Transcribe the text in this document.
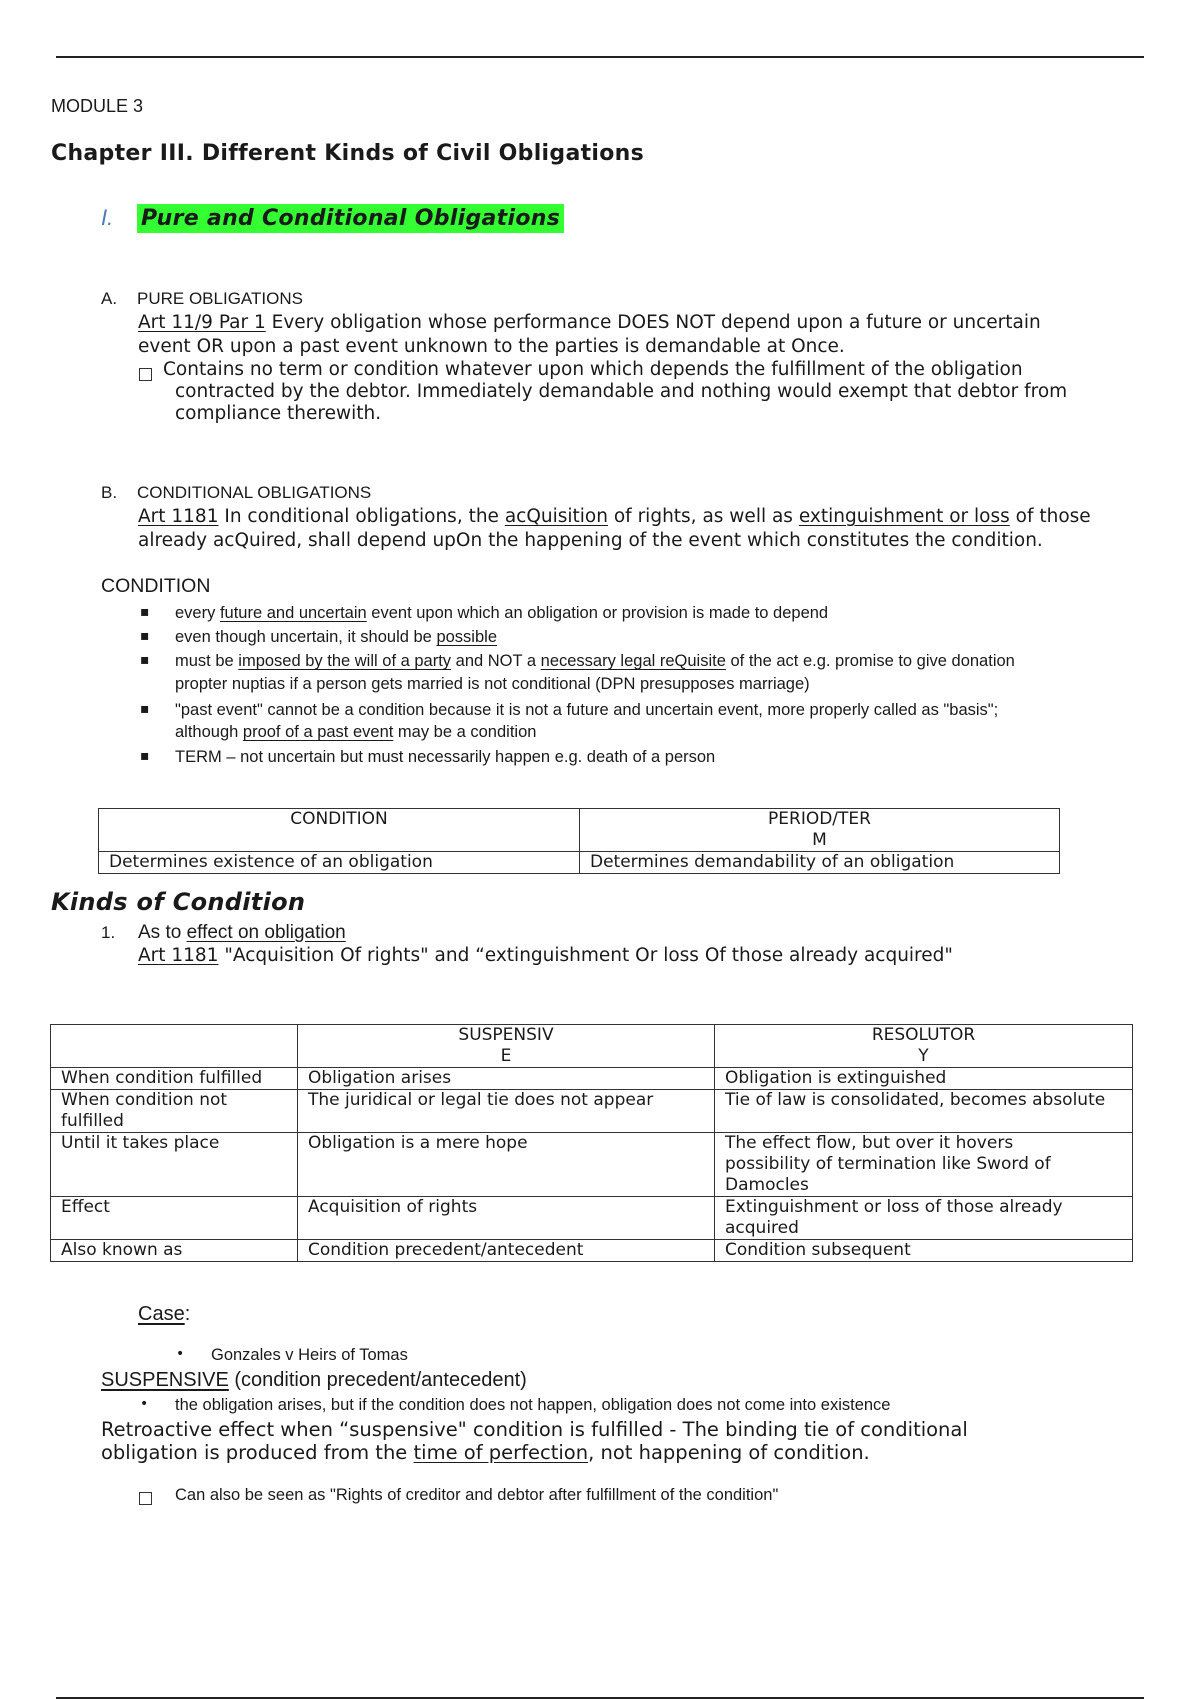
MODULE 3
Chapter III. Different Kinds of Civil Obligations
I. Pure and Conditional Obligations
A. PURE OBLIGATIONS
Art 11/9 Par 1 Every obligation whose performance DOES NOT depend upon a future or uncertain
event OR upon a past event unknown to the parties is demandable at Once.
Contains no term or condition whatever upon which depends the fulfillment of the obligation
contracted by the debtor. Immediately demandable and nothing would exempt that debtor from
compliance therewith.
B. CONDITIONAL OBLIGATIONS
Art 1181 In conditional obligations, the acQuisition of rights, as well as extinguishment or loss of those
already acQuired, shall depend upOn the happening of the event which constitutes the condition.
CONDITION
▪ every future and uncertain event upon which an obligation or provision is made to depend
▪ even though uncertain, it should be possible
▪ must be imposed by the will of a party and NOT a necessary legal reQuisite of the act e.g. promise to give donation
propter nuptias if a person gets married is not conditional (DPN presupposes marriage)
▪ "past event" cannot be a condition because it is not a future and uncertain event, more properly called as "basis";
although proof of a past event may be a condition
▪ TERM – not uncertain but must necessarily happen e.g. death of a person
CONDITION	PERIOD/TER
M
Determines existence of an obligation	Determines demandability of an obligation
Kinds of Condition
1. As to effect on obligation
Art 1181 "Acquisition Of rights" and “extinguishment Or loss Of those already acquired"
	SUSPENSIV
E	RESOLUTOR
Y
When condition fulfilled	Obligation arises	Obligation is extinguished
When condition not
fulfilled	The juridical or legal tie does not appear	Tie of law is consolidated, becomes absolute
Until it takes place	Obligation is a mere hope	The effect flow, but over it hovers
possibility of termination like Sword of
Damocles
Effect	Acquisition of rights	Extinguishment or loss of those already
acquired
Also known as	Condition precedent/antecedent	Condition subsequent
Case:
• Gonzales v Heirs of Tomas
SUSPENSIVE (condition precedent/antecedent)
• the obligation arises, but if the condition does not happen, obligation does not come into existence
Retroactive effect when “suspensive" condition is fulfilled - The binding tie of conditional
obligation is produced from the time of perfection, not happening of condition.
Can also be seen as "Rights of creditor and debtor after fulfillment of the condition"
